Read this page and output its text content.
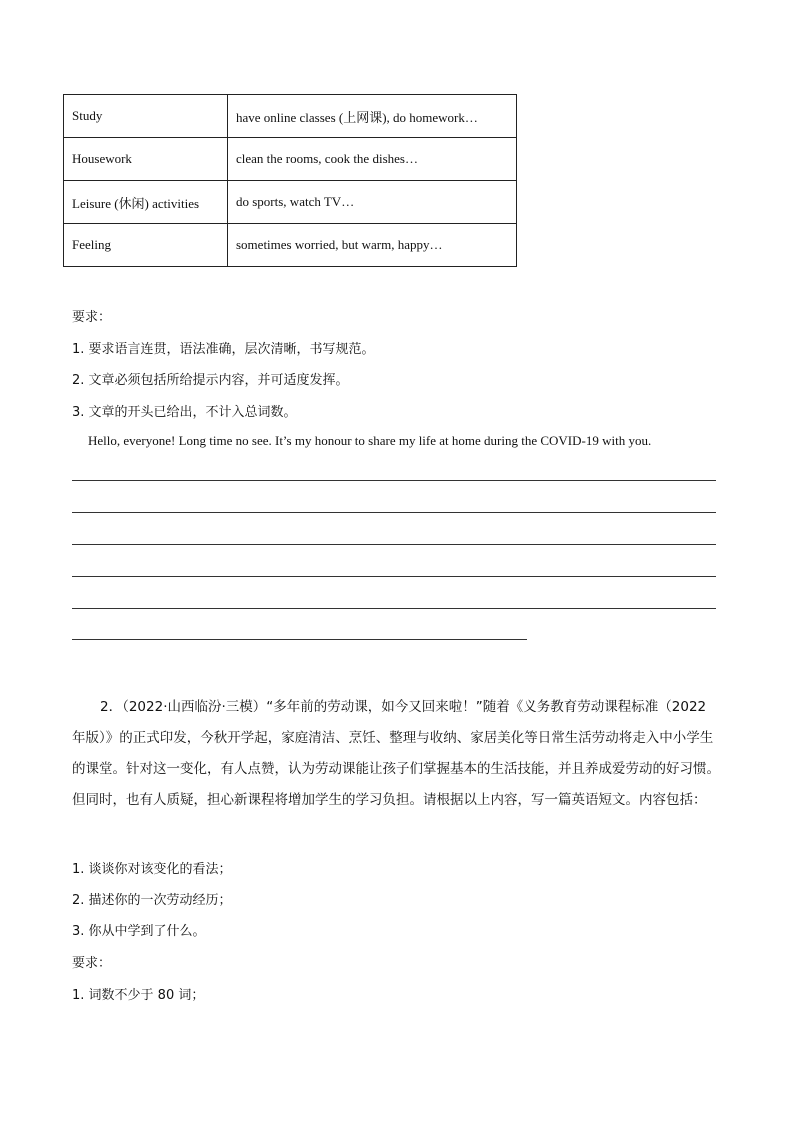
Study	have online classes (上网课), do homework…
Housework	clean the rooms, cook the dishes…
Leisure (休闲) activities	do sports, watch TV…
Feeling	sometimes worried, but warm, happy…
要求：
1. 要求语言连贯，语法准确，层次清晰，书写规范。
2. 文章必须包括所给提示内容，并可适度发挥。
3. 文章的开头已给出，不计入总词数。
Hello, everyone! Long time no see. It’s my honour to share my life at home during the COVID-19 with you.
2．（2022·山西临汾·三模）“多年前的劳动课，如今又回来啦！”随着《义务教育劳动课程标准（2022 年版）》的正式印发，今秋开学起，家庭清洁、烹饪、整理与收纳、家居美化等日常生活劳动将走入中小学生的课堂。针对这一变化，有人点赞，认为劳动课能让孩子们掌握基本的生活技能，并且养成爱劳动的好习惯。但同时，也有人质疑，担心新课程将增加学生的学习负担。请根据以上内容，写一篇英语短文。内容包括：
1. 谈谈你对该变化的看法；
2. 描述你的一次劳动经历；
3. 你从中学到了什么。
要求：
1. 词数不少于 80 词；
